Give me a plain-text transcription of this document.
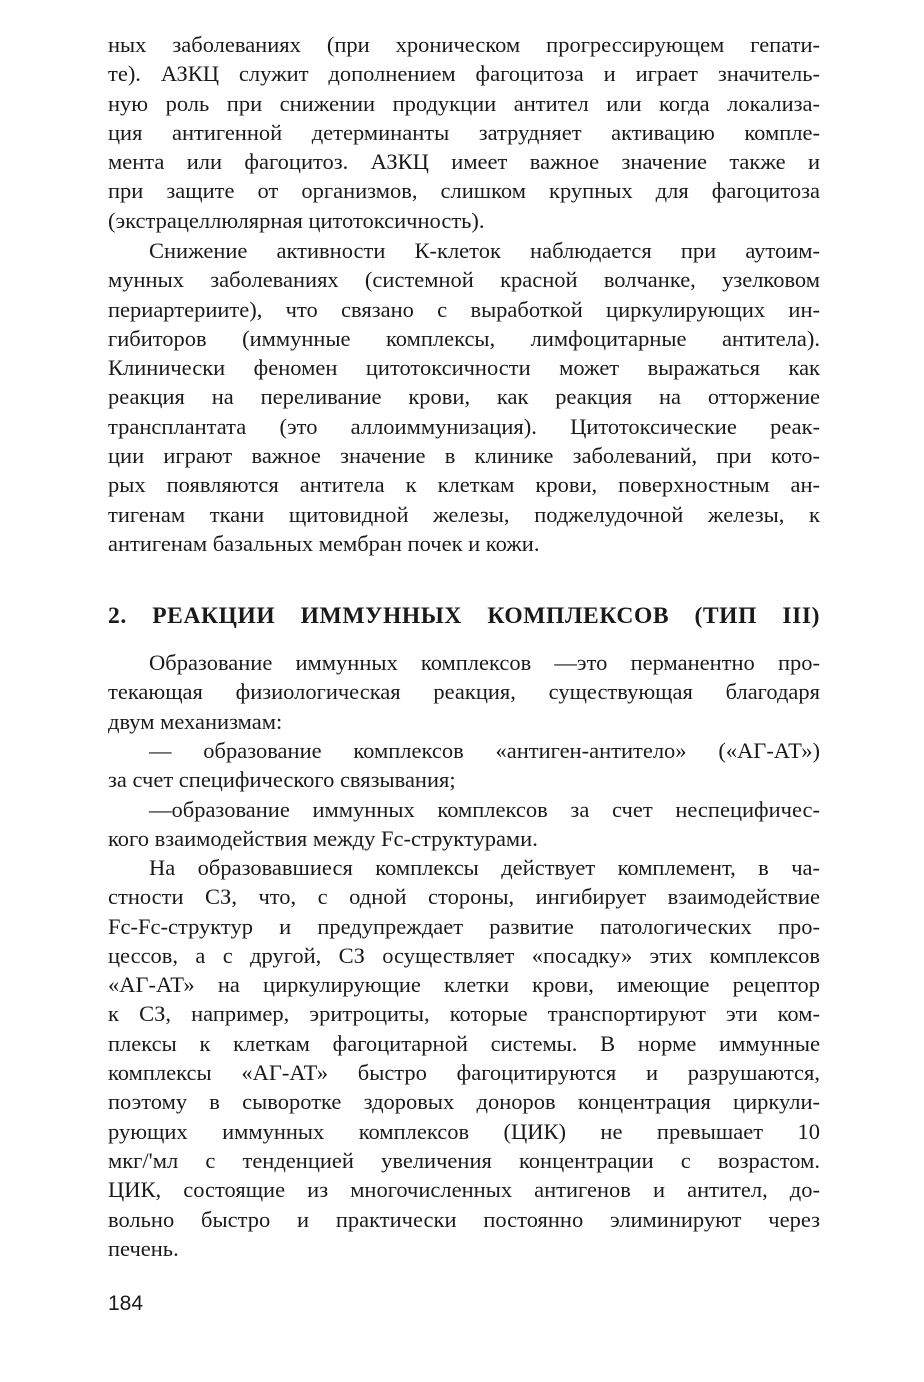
ных заболеваниях (при хроническом прогрессирующем гепати-
те). АЗКЦ служит дополнением фагоцитоза и играет значитель-
ную роль при снижении продукции антител или когда локализа-
ция антигенной детерминанты затрудняет активацию компле-
мента или фагоцитоз. АЗКЦ имеет важное значение также и
при защите от организмов, слишком крупных для фагоцитоза
(экстрацеллюлярная цитотоксичность).
Снижение активности К-клеток наблюдается при аутоим-
мунных заболеваниях (системной красной волчанке, узелковом
периартериите), что связано с выработкой циркулирующих ин-
гибиторов (иммунные комплексы, лимфоцитарные антитела).
Клинически феномен цитотоксичности может выражаться как
реакция на переливание крови, как реакция на отторжение
трансплантата (это аллоиммунизация). Цитотоксические реак-
ции играют важное значение в клинике заболеваний, при кото-
рых появляются антитела к клеткам крови, поверхностным ан-
тигенам ткани щитовидной железы, поджелудочной железы, к
антигенам базальных мембран почек и кожи.
2. РЕАКЦИИ ИММУННЫХ КОМПЛЕКСОВ (ТИП III)
Образование иммунных комплексов —это перманентно про-
текающая физиологическая реакция, существующая благодаря
двум механизмам:
— образование комплексов «антиген-антитело» («АГ-АТ»)
за счет специфического связывания;
—образование иммунных комплексов за счет неспецифичес-
кого взаимодействия между Fc-структурами.
На образовавшиеся комплексы действует комплемент, в ча-
стности СЗ, что, с одной стороны, ингибирует взаимодействие
Fc-Fc-структур и предупреждает развитие патологических про-
цессов, а с другой, СЗ осуществляет «посадку» этих комплексов
«АГ-АТ» на циркулирующие клетки крови, имеющие рецептор
к СЗ, например, эритроциты, которые транспортируют эти ком-
плексы к клеткам фагоцитарной системы. В норме иммунные
комплексы «АГ-АТ» быстро фагоцитируются и разрушаются,
поэтому в сыворотке здоровых доноров концентрация циркули-
рующих иммунных комплексов (ЦИК) не превышает 10
мкг/'мл с тенденцией увеличения концентрации с возрастом.
ЦИК, состоящие из многочисленных антигенов и антител, до-
вольно быстро и практически постоянно элиминируют через
печень.
184
